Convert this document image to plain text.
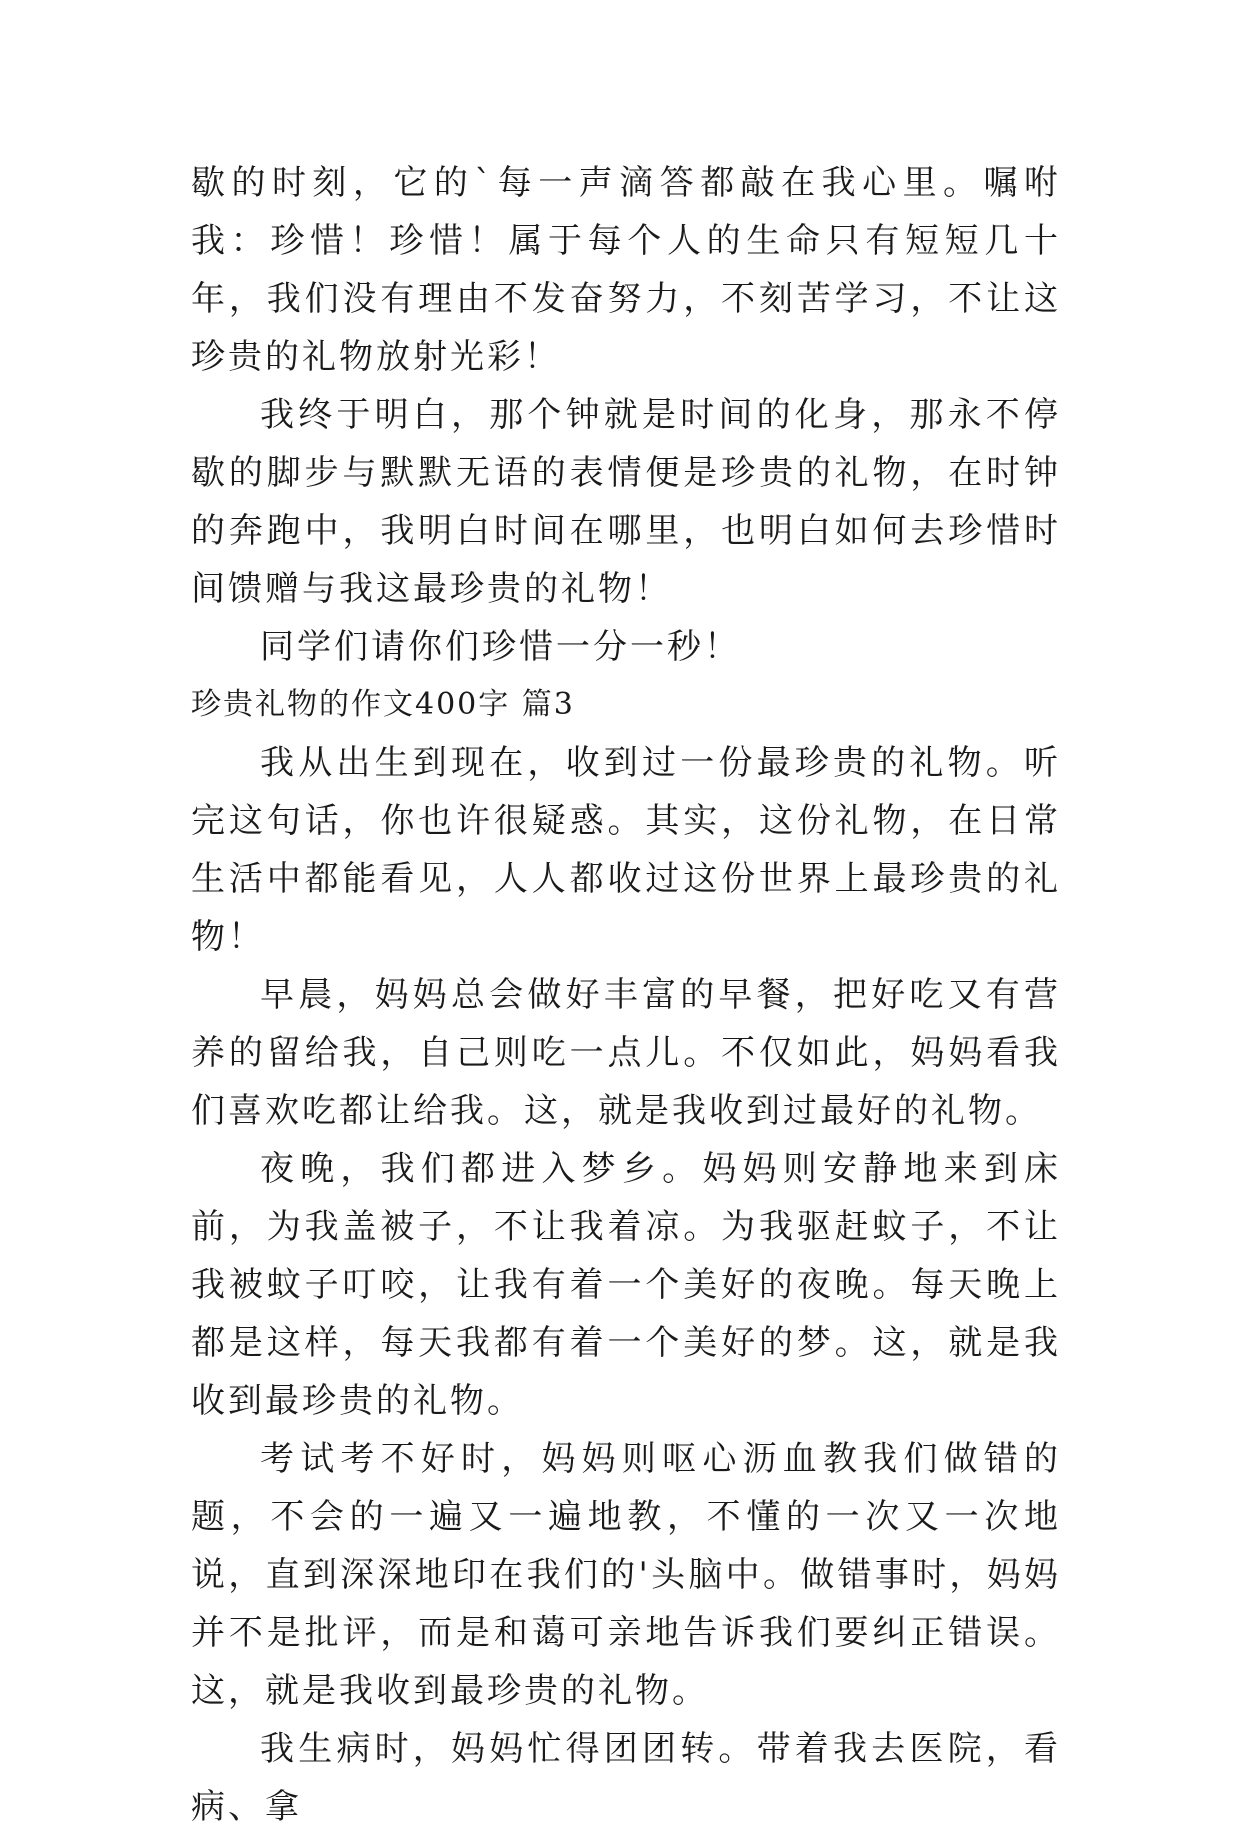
歇的时刻，它的`每一声滴答都敲在我心里。嘱咐我：珍惜！珍惜！属于每个人的生命只有短短几十年，我们没有理由不发奋努力，不刻苦学习，不让这珍贵的礼物放射光彩！

我终于明白，那个钟就是时间的化身，那永不停歇的脚步与默默无语的表情便是珍贵的礼物，在时钟的奔跑中，我明白时间在哪里，也明白如何去珍惜时间馈赠与我这最珍贵的礼物！

同学们请你们珍惜一分一秒！

珍贵礼物的作文400字 篇3

我从出生到现在，收到过一份最珍贵的礼物。听完这句话，你也许很疑惑。其实，这份礼物，在日常生活中都能看见，人人都收过这份世界上最珍贵的礼物！

早晨，妈妈总会做好丰富的早餐，把好吃又有营养的留给我，自己则吃一点儿。不仅如此，妈妈看我们喜欢吃都让给我。这，就是我收到过最好的礼物。

夜晚，我们都进入梦乡。妈妈则安静地来到床前，为我盖被子，不让我着凉。为我驱赶蚊子，不让我被蚊子叮咬，让我有着一个美好的夜晚。每天晚上都是这样，每天我都有着一个美好的梦。这，就是我收到最珍贵的礼物。

考试考不好时，妈妈则呕心沥血教我们做错的题，不会的一遍又一遍地教，不懂的一次又一次地说，直到深深地印在我们的'头脑中。做错事时，妈妈并不是批评，而是和蔼可亲地告诉我们要纠正错误。这，就是我收到最珍贵的礼物。

我生病时，妈妈忙得团团转。带着我去医院，看病、拿
